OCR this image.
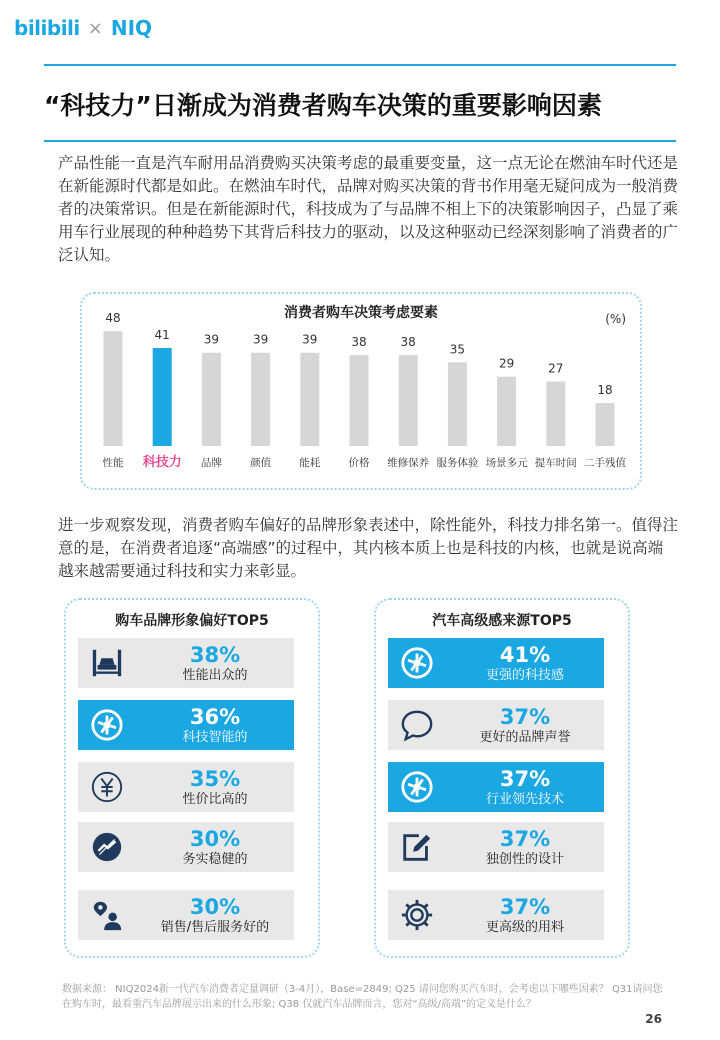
bilibili × NIQ
“科技力”日渐成为消费者购车决策的重要影响因素
产品性能一直是汽车耐用品消费购买决策考虑的最重要变量，这一点无论在燃油车时代还是在新能源时代都是如此。在燃油车时代，品牌对购买决策的背书作用毫无疑问成为一般消费者的决策常识。但是在新能源时代，科技成为了与品牌不相上下的决策影响因子，凸显了乘用车行业展现的种种趋势下其背后科技力的驱动，以及这种驱动已经深刻影响了消费者的广泛认知。
消费者购车决策考虑要素	(%)
48
性能
41
科技力
39
品牌
39
颜值
39
能耗
38
价格
38
维修保养
35
服务体验
29
场景多元
27
提车时间
18
二手残值
进一步观察发现，消费者购车偏好的品牌形象表述中，除性能外，科技力排名第一。值得注意的是，在消费者追逐“高端感”的过程中，其内核本质上也是科技的内核，也就是说高端越来越需要通过科技和实力来彰显。
购车品牌形象偏好TOP5
38%
性能出众的
36%
科技智能的
35%
性价比高的
30%
务实稳健的
30%
销售/售后服务好的
汽车高级感来源TOP5
41%
更强的科技感
37%
更好的品牌声誉
37%
行业领先技术
37%
独创性的设计
37%
更高级的用料
数据来源： NIQ2024新一代汽车消费者定量调研（3-4月），Base=2849; Q25 请问您购买汽车时，会考虑以下哪些因素？ Q31请问您在购车时，最看重汽车品牌展示出来的什么形象; Q38 仅就汽车品牌而言，您对“高级/高端”的定义是什么？
26
